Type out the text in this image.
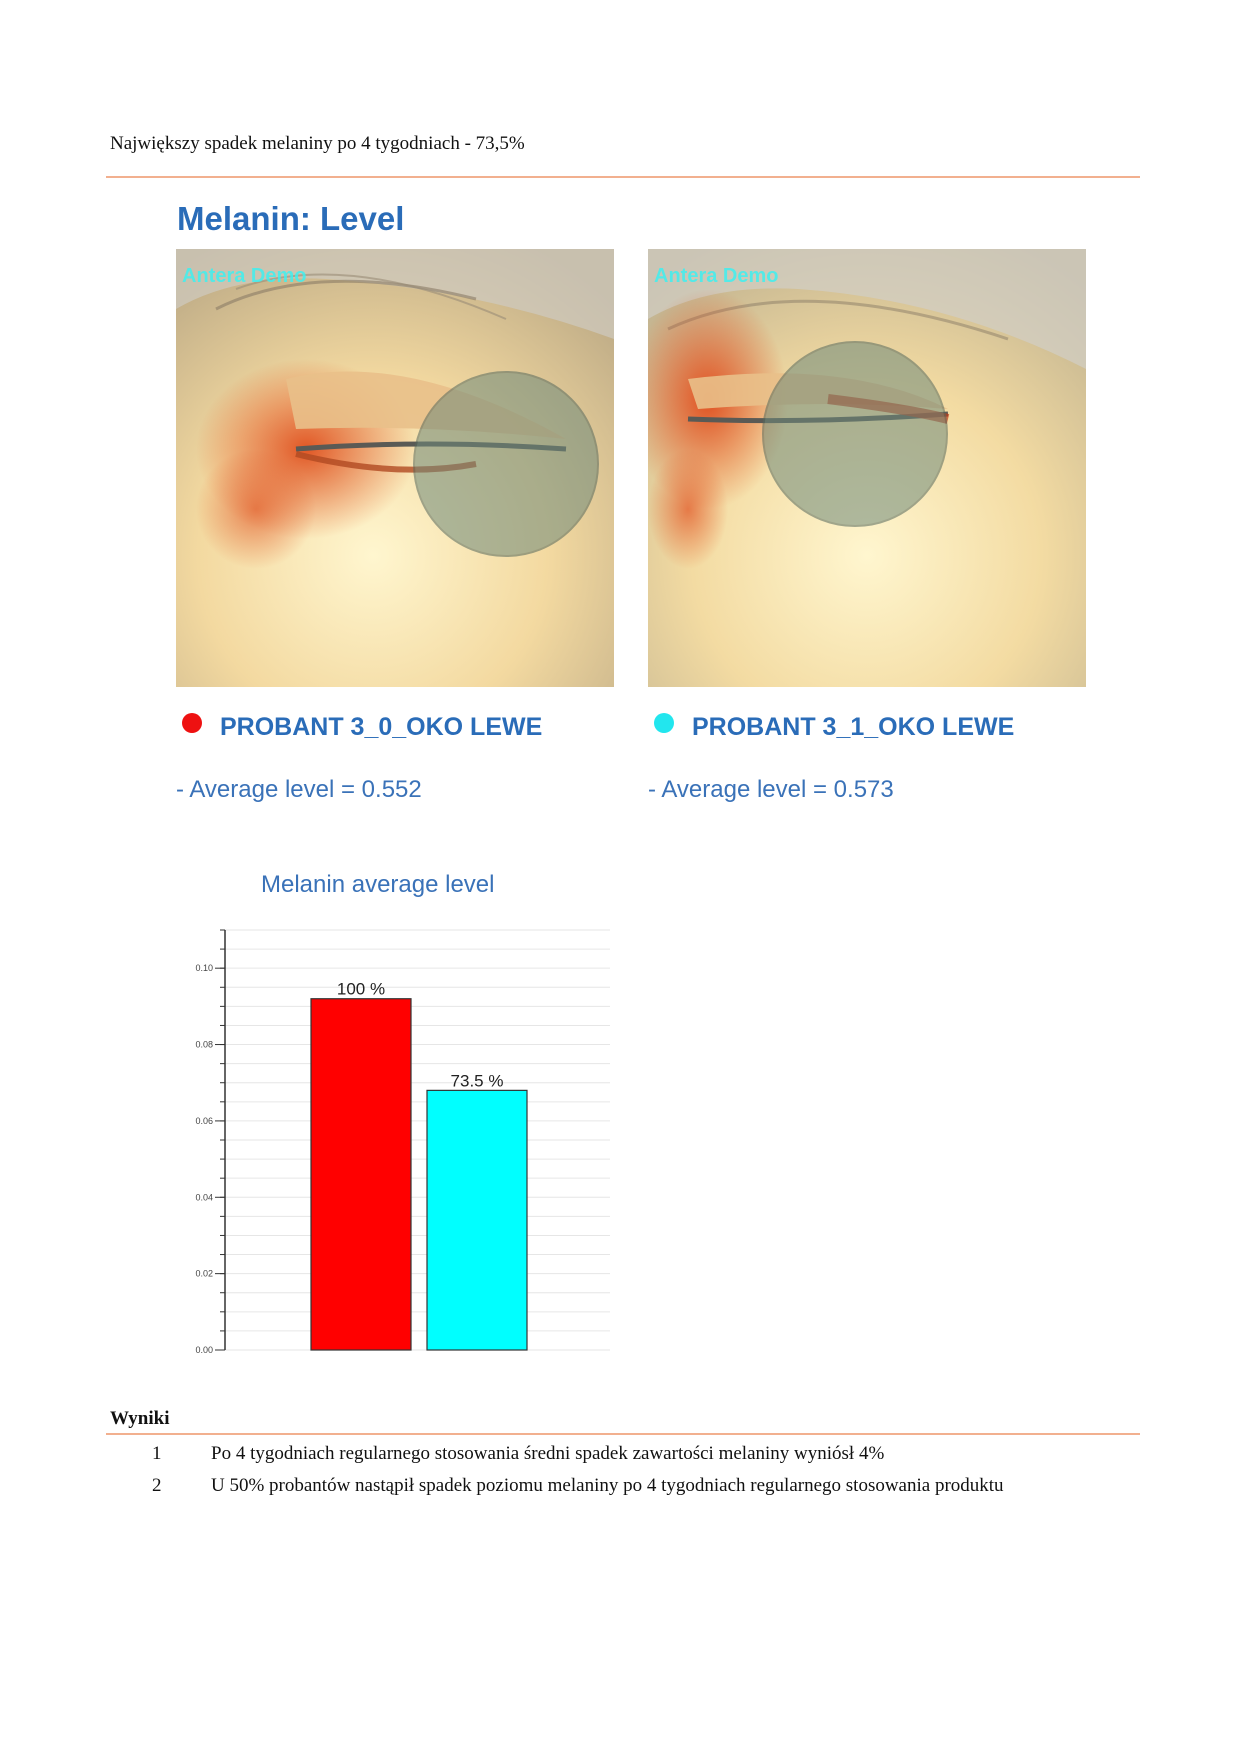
Największy spadek melaniny po 4 tygodniach - 73,5%
Melanin: Level
Antera Demo	Antera Demo
PROBANT 3_0_OKO LEWE	PROBANT 3_1_OKO LEWE
- Average level = 0.552	- Average level = 0.573
Melanin average level
0.00
0.02
0.04
0.06
0.08
0.10
100 %
73.5 %
Wyniki
1	Po 4 tygodniach regularnego stosowania średni spadek zawartości melaniny wyniósł 4%
2	U 50% probantów nastąpił spadek poziomu melaniny po 4 tygodniach regularnego stosowania produktu
